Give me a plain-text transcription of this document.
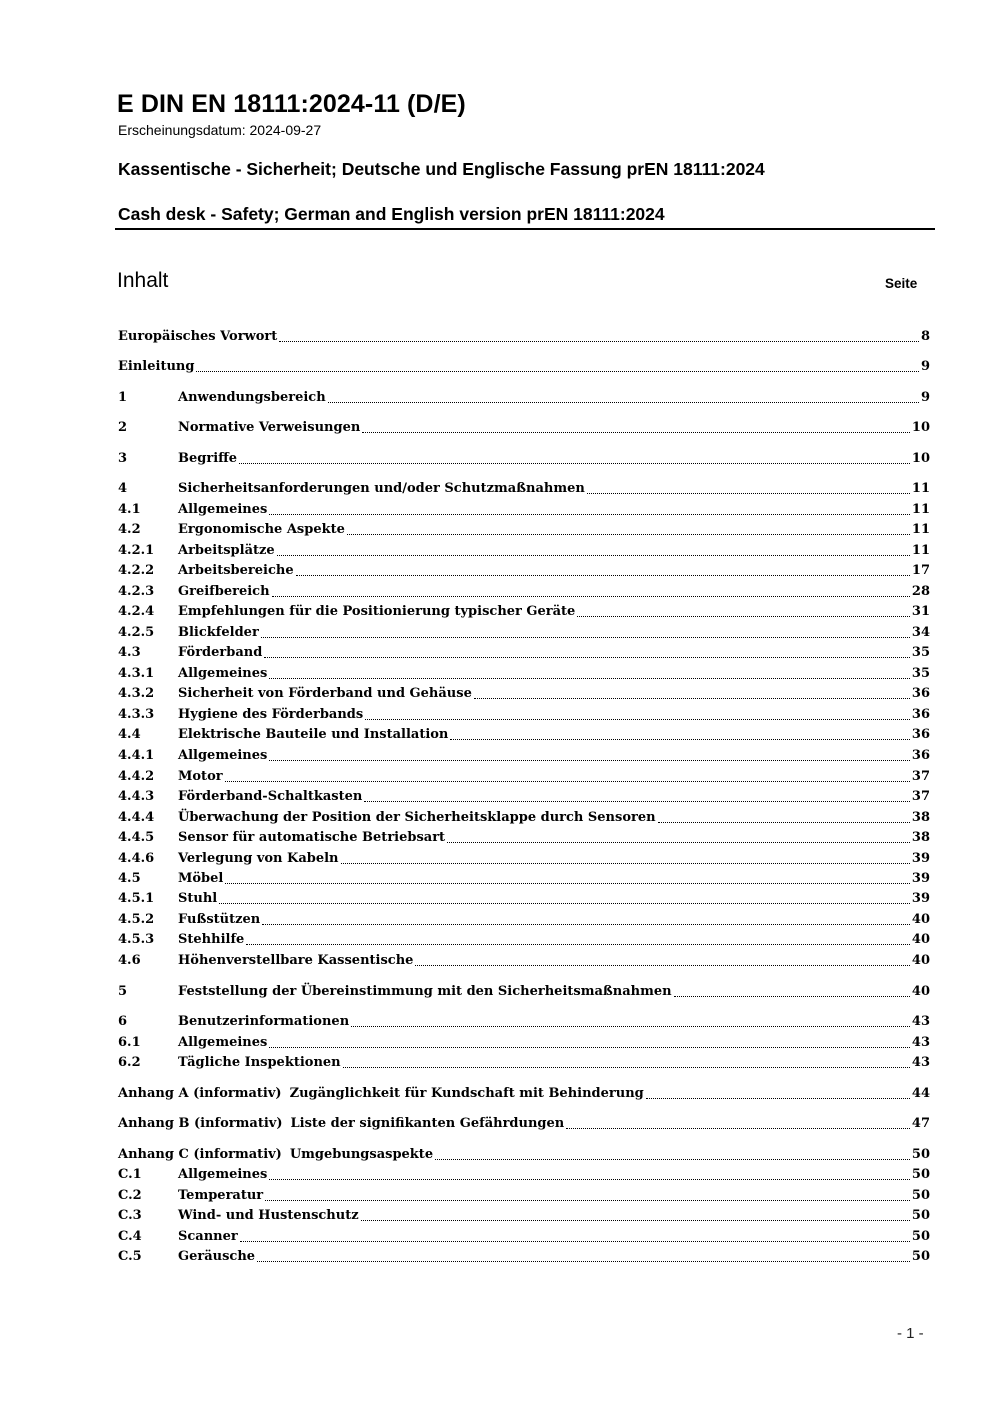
E DIN EN 18111:2024-11 (D/E)
Erscheinungsdatum: 2024-09-27
Kassentische - Sicherheit; Deutsche und Englische Fassung prEN 18111:2024
Cash desk - Safety; German and English version prEN 18111:2024
Inhalt	Seite
Europäisches Vorwort	8
Einleitung	9
1	Anwendungsbereich	9
2	Normative Verweisungen	10
3	Begriffe	10
4	Sicherheitsanforderungen und/oder Schutzmaßnahmen	11
4.1	Allgemeines	11
4.2	Ergonomische Aspekte	11
4.2.1	Arbeitsplätze	11
4.2.2	Arbeitsbereiche	17
4.2.3	Greifbereich	28
4.2.4	Empfehlungen für die Positionierung typischer Geräte	31
4.2.5	Blickfelder	34
4.3	Förderband	35
4.3.1	Allgemeines	35
4.3.2	Sicherheit von Förderband und Gehäuse	36
4.3.3	Hygiene des Förderbands	36
4.4	Elektrische Bauteile und Installation	36
4.4.1	Allgemeines	36
4.4.2	Motor	37
4.4.3	Förderband-Schaltkasten	37
4.4.4	Überwachung der Position der Sicherheitsklappe durch Sensoren	38
4.4.5	Sensor für automatische Betriebsart	38
4.4.6	Verlegung von Kabeln	39
4.5	Möbel	39
4.5.1	Stuhl	39
4.5.2	Fußstützen	40
4.5.3	Stehhilfe	40
4.6	Höhenverstellbare Kassentische	40
5	Feststellung der Übereinstimmung mit den Sicherheitsmaßnahmen	40
6	Benutzerinformationen	43
6.1	Allgemeines	43
6.2	Tägliche Inspektionen	43
Anhang A (informativ) Zugänglichkeit für Kundschaft mit Behinderung	44
Anhang B (informativ) Liste der signifikanten Gefährdungen	47
Anhang C (informativ) Umgebungsaspekte	50
C.1	Allgemeines	50
C.2	Temperatur	50
C.3	Wind- und Hustenschutz	50
C.4	Scanner	50
C.5	Geräusche	50
- 1 -
